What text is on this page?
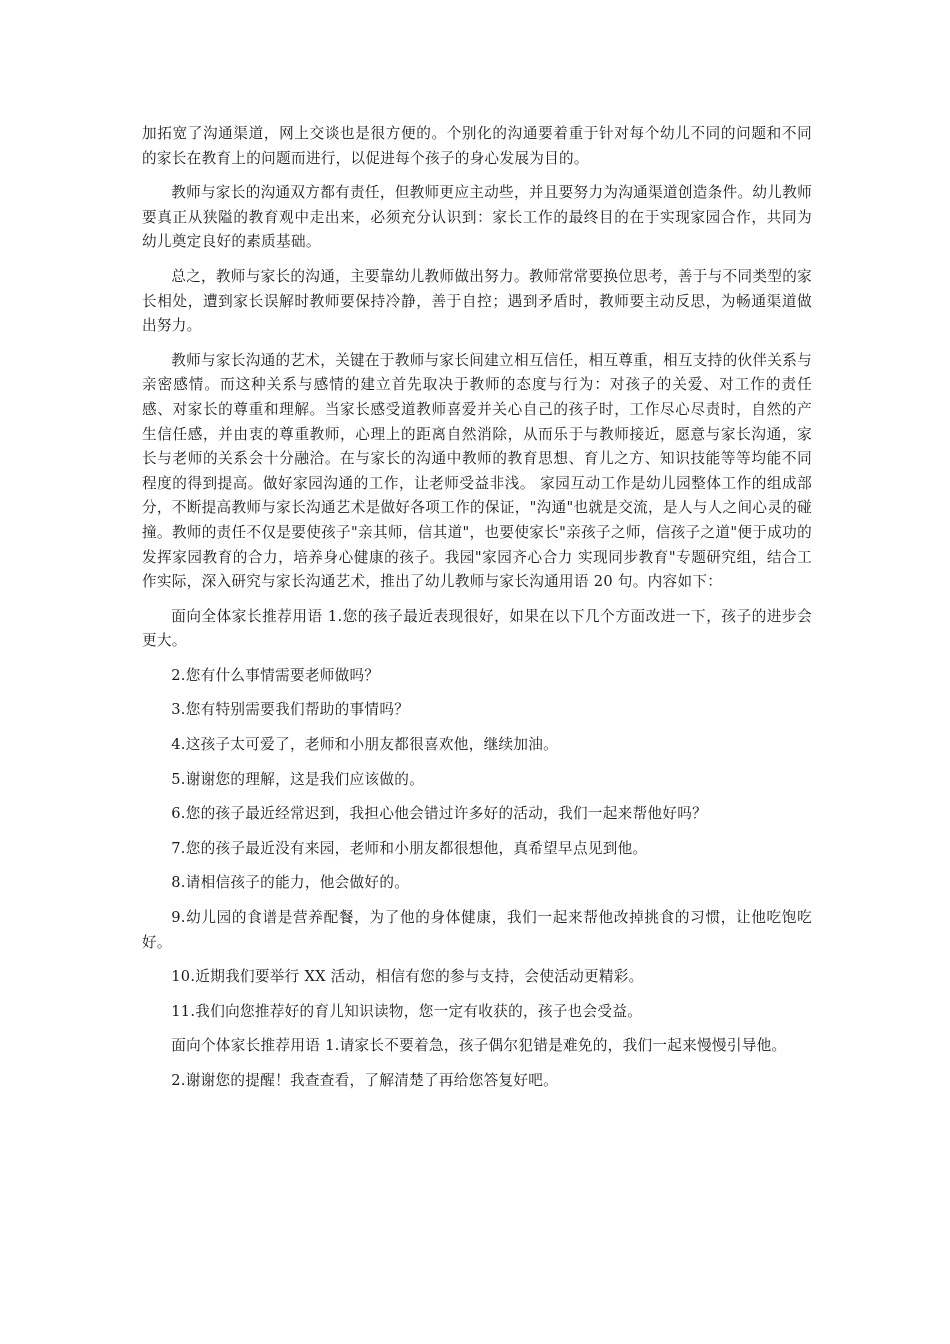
加拓宽了沟通渠道，网上交谈也是很方便的。个别化的沟通要着重于针对每个幼儿不同的问题和不同的家长在教育上的问题而进行，以促进每个孩子的身心发展为目的。

教师与家长的沟通双方都有责任，但教师更应主动些，并且要努力为沟通渠道创造条件。幼儿教师要真正从狭隘的教育观中走出来，必须充分认识到：家长工作的最终目的在于实现家园合作，共同为幼儿奠定良好的素质基础。

总之，教师与家长的沟通，主要靠幼儿教师做出努力。教师常常要换位思考，善于与不同类型的家长相处，遭到家长误解时教师要保持冷静，善于自控；遇到矛盾时，教师要主动反思，为畅通渠道做出努力。

教师与家长沟通的艺术，关键在于教师与家长间建立相互信任，相互尊重，相互支持的伙伴关系与亲密感情。而这种关系与感情的建立首先取决于教师的态度与行为：对孩子的关爱、对工作的责任感、对家长的尊重和理解。当家长感受道教师喜爱并关心自己的孩子时，工作尽心尽责时，自然的产生信任感，并由衷的尊重教师，心理上的距离自然消除，从而乐于与教师接近，愿意与家长沟通，家长与老师的关系会十分融洽。在与家长的沟通中教师的教育思想、育儿之方、知识技能等等均能不同程度的得到提高。做好家园沟通的工作，让老师受益非浅。 家园互动工作是幼儿园整体工作的组成部分，不断提高教师与家长沟通艺术是做好各项工作的保证，"沟通"也就是交流，是人与人之间心灵的碰撞。教师的责任不仅是要使孩子"亲其师，信其道"，也要使家长"亲孩子之师，信孩子之道"便于成功的发挥家园教育的合力，培养身心健康的孩子。我园"家园齐心合力 实现同步教育"专题研究组，结合工作实际，深入研究与家长沟通艺术，推出了幼儿教师与家长沟通用语 20 句。内容如下：

面向全体家长推荐用语 1.您的孩子最近表现很好，如果在以下几个方面改进一下，孩子的进步会更大。

2.您有什么事情需要老师做吗？

3.您有特别需要我们帮助的事情吗？

4.这孩子太可爱了，老师和小朋友都很喜欢他，继续加油。

5.谢谢您的理解，这是我们应该做的。

6.您的孩子最近经常迟到，我担心他会错过许多好的活动，我们一起来帮他好吗？

7.您的孩子最近没有来园，老师和小朋友都很想他，真希望早点见到他。

8.请相信孩子的能力，他会做好的。

9.幼儿园的食谱是营养配餐，为了他的身体健康，我们一起来帮他改掉挑食的习惯，让他吃饱吃好。

10.近期我们要举行 XX 活动，相信有您的参与支持，会使活动更精彩。

11.我们向您推荐好的育儿知识读物，您一定有收获的，孩子也会受益。

面向个体家长推荐用语 1.请家长不要着急，孩子偶尔犯错是难免的，我们一起来慢慢引导他。

2.谢谢您的提醒！我查查看，了解清楚了再给您答复好吧。
